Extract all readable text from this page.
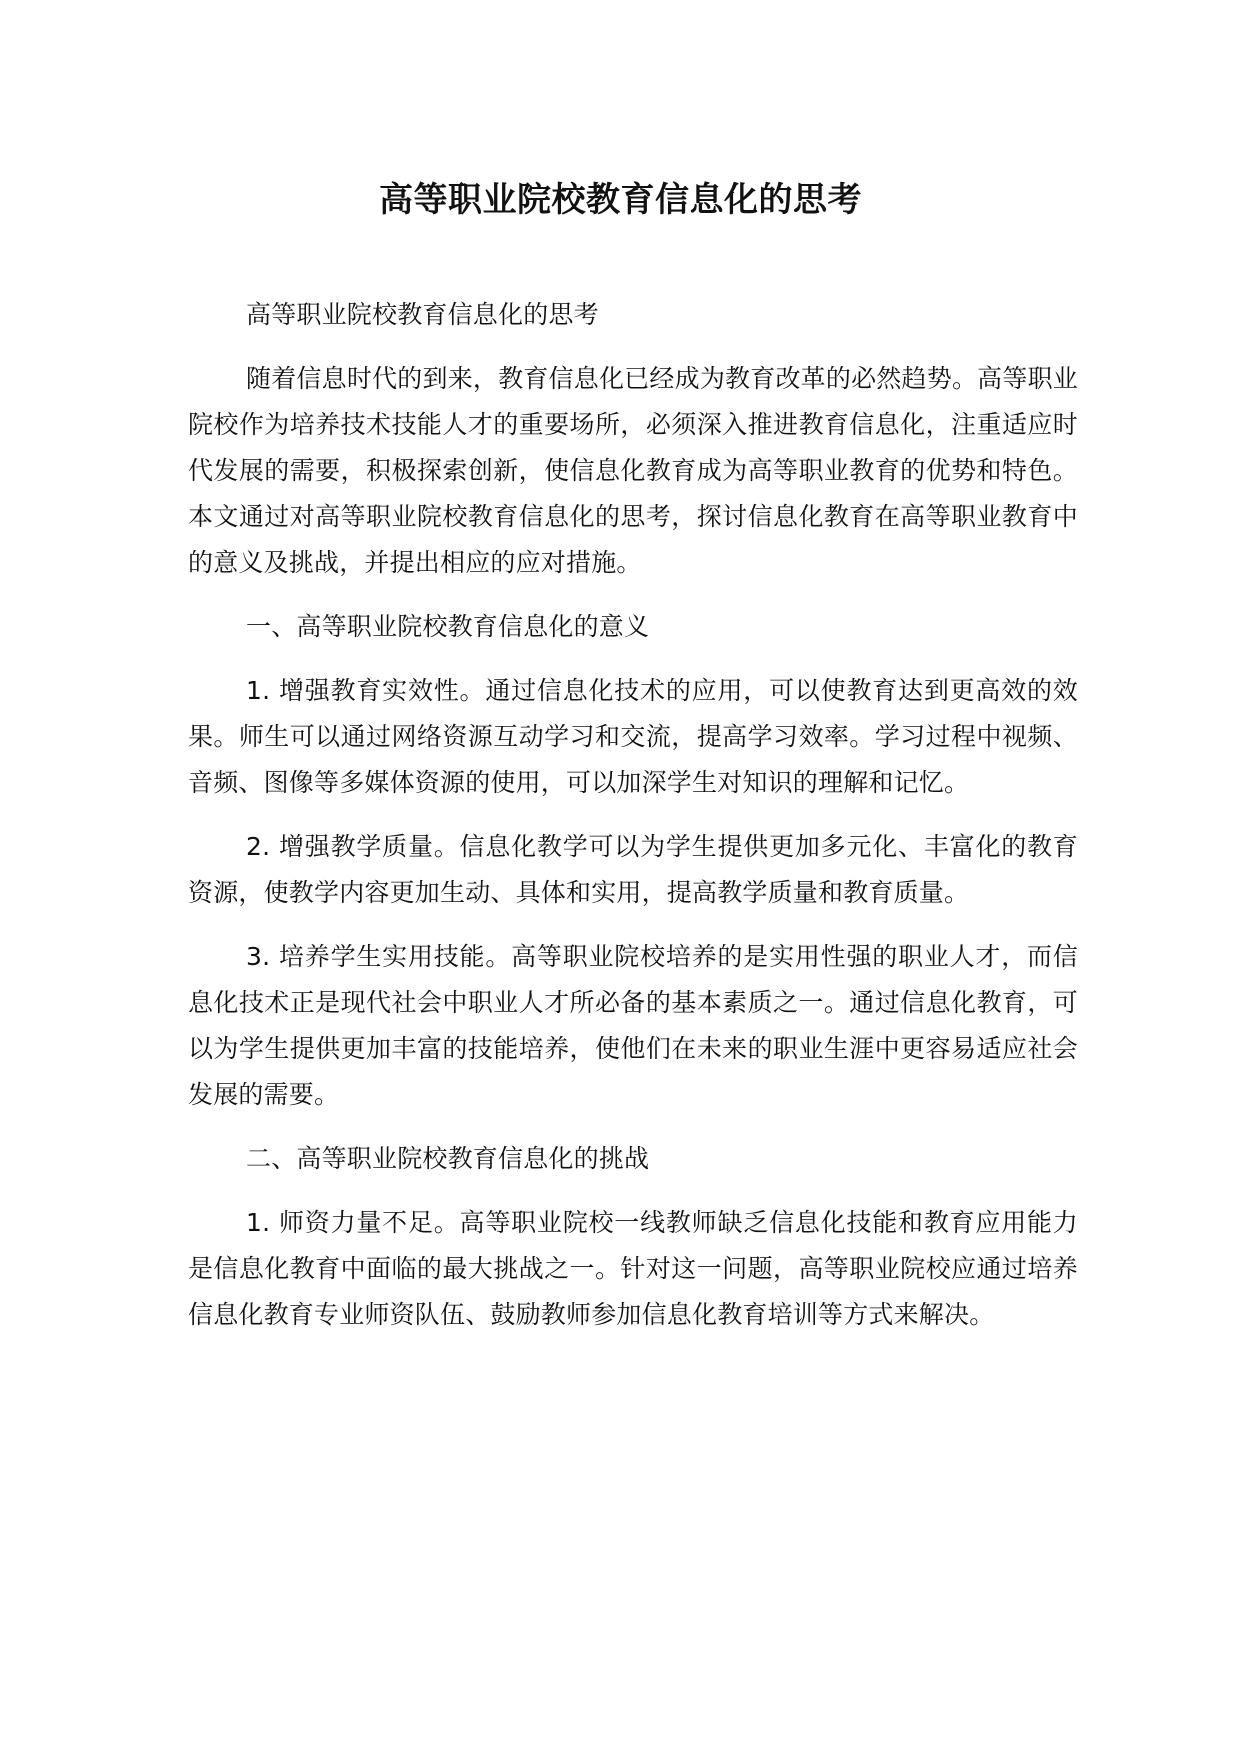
高等职业院校教育信息化的思考

高等职业院校教育信息化的思考

随着信息时代的到来，教育信息化已经成为教育改革的必然趋势。高等职业院校作为培养技术技能人才的重要场所，必须深入推进教育信息化，注重适应时代发展的需要，积极探索创新，使信息化教育成为高等职业教育的优势和特色。本文通过对高等职业院校教育信息化的思考，探讨信息化教育在高等职业教育中的意义及挑战，并提出相应的应对措施。

一、高等职业院校教育信息化的意义

1. 增强教育实效性。通过信息化技术的应用，可以使教育达到更高效的效果。师生可以通过网络资源互动学习和交流，提高学习效率。学习过程中视频、音频、图像等多媒体资源的使用，可以加深学生对知识的理解和记忆。

2. 增强教学质量。信息化教学可以为学生提供更加多元化、丰富化的教育资源，使教学内容更加生动、具体和实用，提高教学质量和教育质量。

3. 培养学生实用技能。高等职业院校培养的是实用性强的职业人才，而信息化技术正是现代社会中职业人才所必备的基本素质之一。通过信息化教育，可以为学生提供更加丰富的技能培养，使他们在未来的职业生涯中更容易适应社会发展的需要。

二、高等职业院校教育信息化的挑战

1. 师资力量不足。高等职业院校一线教师缺乏信息化技能和教育应用能力是信息化教育中面临的最大挑战之一。针对这一问题，高等职业院校应通过培养信息化教育专业师资队伍、鼓励教师参加信息化教育培训等方式来解决。
